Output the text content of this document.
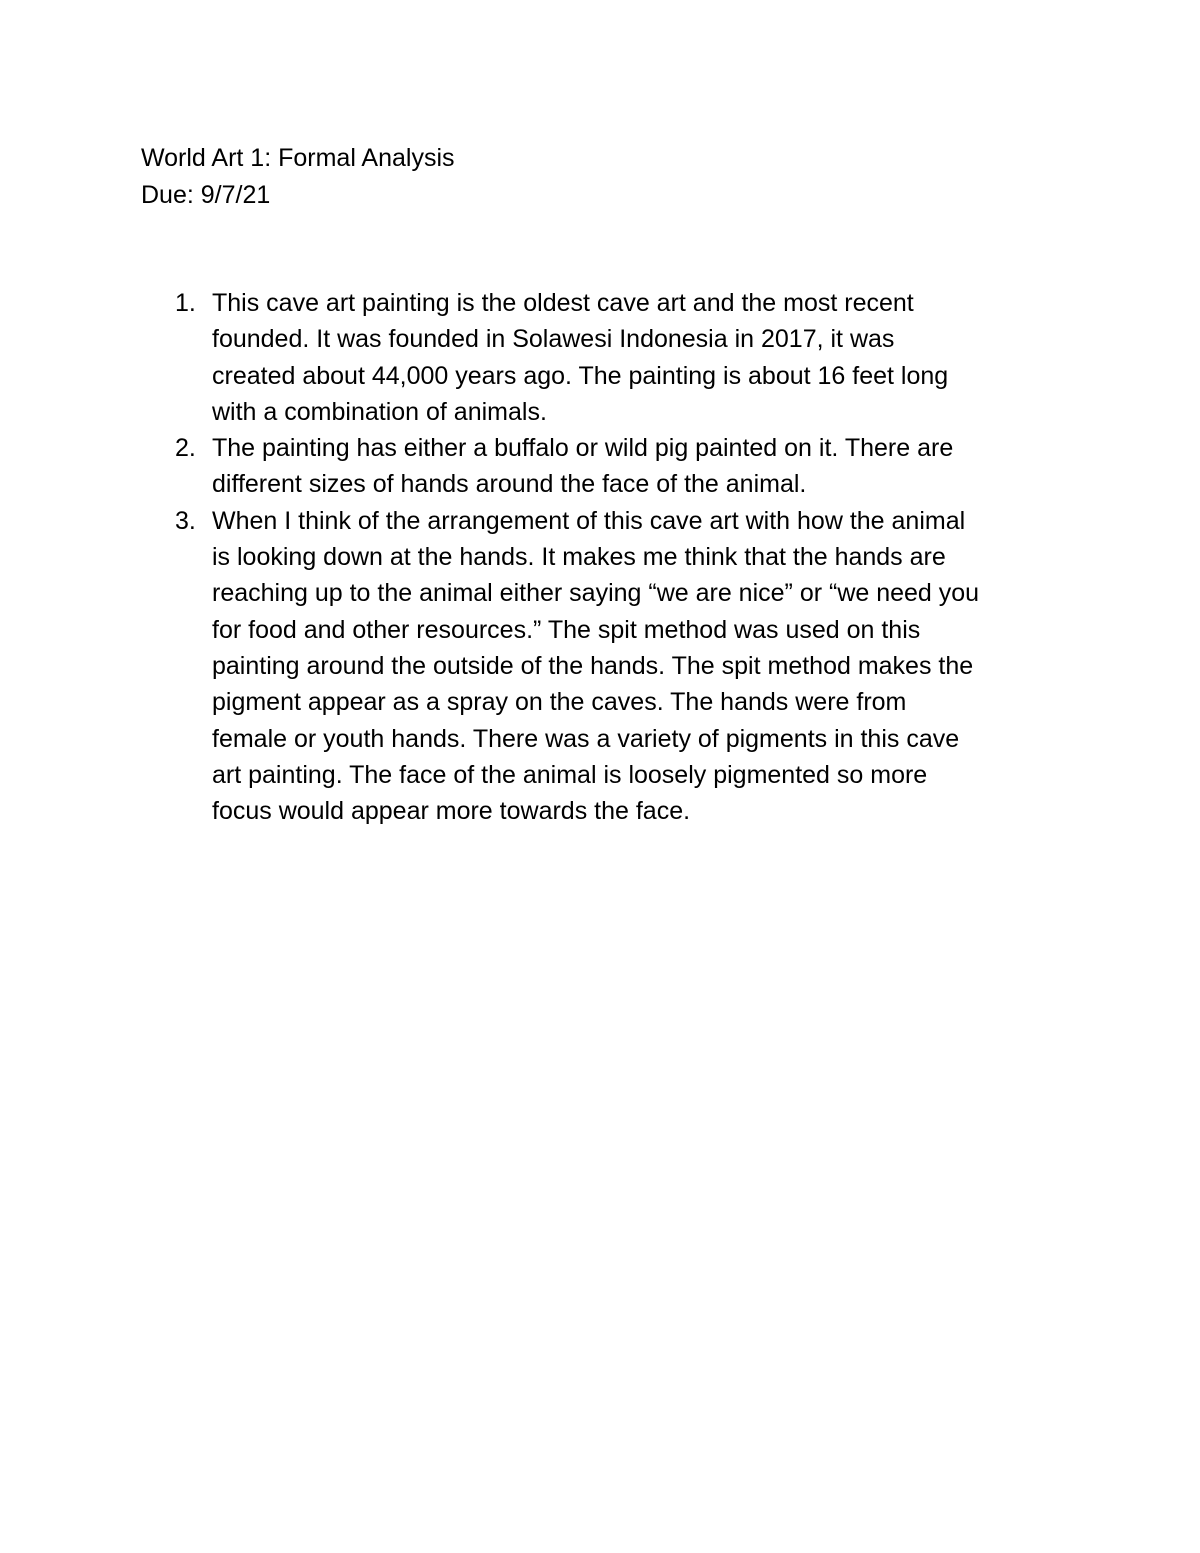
World Art 1: Formal Analysis
Due: 9/7/21
1. This cave art painting is the oldest cave art and the most recent
founded. It was founded in Solawesi Indonesia in 2017, it was
created about 44,000 years ago. The painting is about 16 feet long
with a combination of animals.
2. The painting has either a buffalo or wild pig painted on it. There are
different sizes of hands around the face of the animal.
3. When I think of the arrangement of this cave art with how the animal
is looking down at the hands. It makes me think that the hands are
reaching up to the animal either saying “we are nice” or “we need you
for food and other resources.” The spit method was used on this
painting around the outside of the hands. The spit method makes the
pigment appear as a spray on the caves. The hands were from
female or youth hands. There was a variety of pigments in this cave
art painting. The face of the animal is loosely pigmented so more
focus would appear more towards the face.
